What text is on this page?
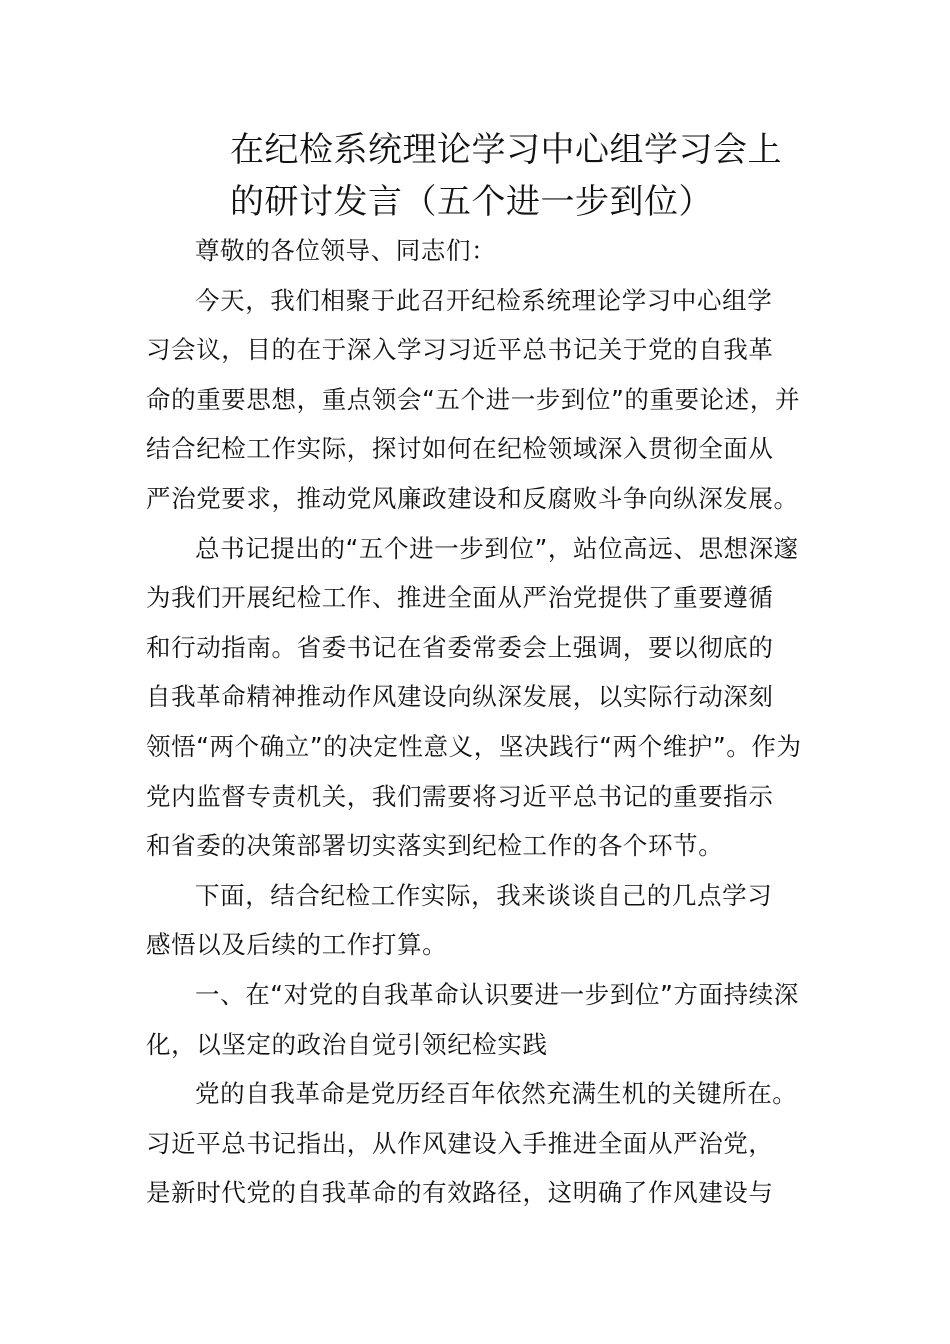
在纪检系统理论学习中心组学习会上
的研讨发言（五个进一步到位）

尊敬的各位领导、同志们：

今天，我们相聚于此召开纪检系统理论学习中心组学
习会议，目的在于深入学习习近平总书记关于党的自我革
命的重要思想，重点领会“五个进一步到位”的重要论述，并
结合纪检工作实际，探讨如何在纪检领域深入贯彻全面从
严治党要求，推动党风廉政建设和反腐败斗争向纵深发展。

总书记提出的“五个进一步到位”，站位高远、思想深邃
为我们开展纪检工作、推进全面从严治党提供了重要遵循
和行动指南。省委书记在省委常委会上强调，要以彻底的
自我革命精神推动作风建设向纵深发展，以实际行动深刻
领悟“两个确立”的决定性意义，坚决践行“两个维护”。作为
党内监督专责机关，我们需要将习近平总书记的重要指示
和省委的决策部署切实落实到纪检工作的各个环节。

下面，结合纪检工作实际，我来谈谈自己的几点学习
感悟以及后续的工作打算。

一、在“对党的自我革命认识要进一步到位”方面持续深
化，以坚定的政治自觉引领纪检实践

党的自我革命是党历经百年依然充满生机的关键所在。
习近平总书记指出，从作风建设入手推进全面从严治党，
是新时代党的自我革命的有效路径，这明确了作风建设与
